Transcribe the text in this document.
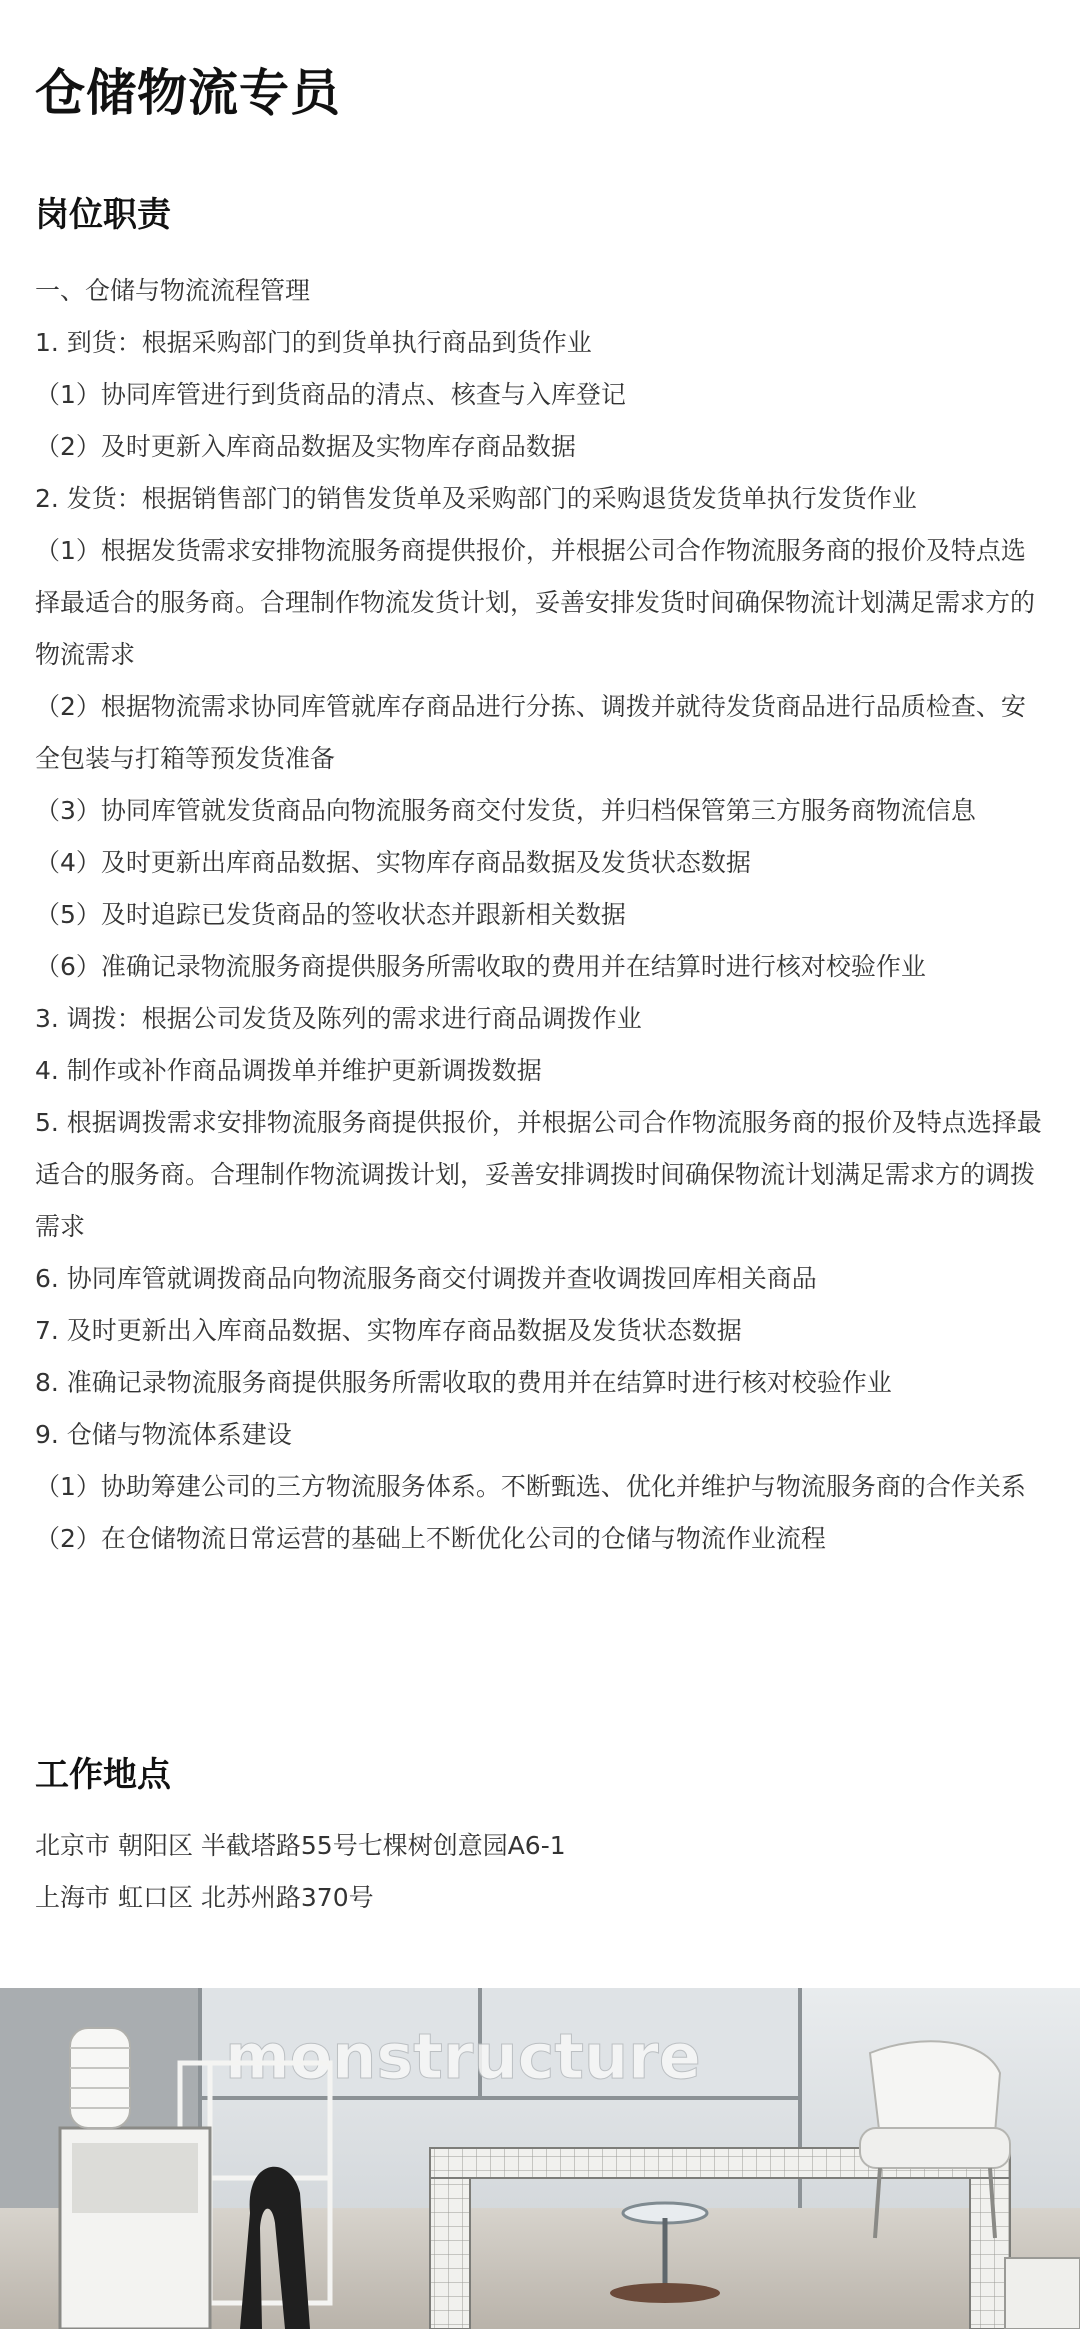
仓储物流专员
岗位职责
一、仓储与物流流程管理
1. 到货：根据采购部门的到货单执行商品到货作业
（1）协同库管进行到货商品的清点、核查与入库登记
（2）及时更新入库商品数据及实物库存商品数据
2. 发货：根据销售部门的销售发货单及采购部门的采购退货发货单执行发货作业
（1）根据发货需求安排物流服务商提供报价，并根据公司合作物流服务商的报价及特点选择最适合的服务商。合理制作物流发货计划，妥善安排发货时间确保物流计划满足需求方的物流需求
（2）根据物流需求协同库管就库存商品进行分拣、调拨并就待发货商品进行品质检查、安全包装与打箱等预发货准备
（3）协同库管就发货商品向物流服务商交付发货，并归档保管第三方服务商物流信息
（4）及时更新出库商品数据、实物库存商品数据及发货状态数据
（5）及时追踪已发货商品的签收状态并跟新相关数据
（6）准确记录物流服务商提供服务所需收取的费用并在结算时进行核对校验作业
3. 调拨：根据公司发货及陈列的需求进行商品调拨作业
4. 制作或补作商品调拨单并维护更新调拨数据
5. 根据调拨需求安排物流服务商提供报价，并根据公司合作物流服务商的报价及特点选择最适合的服务商。合理制作物流调拨计划，妥善安排调拨时间确保物流计划满足需求方的调拨需求
6. 协同库管就调拨商品向物流服务商交付调拨并查收调拨回库相关商品
7. 及时更新出入库商品数据、实物库存商品数据及发货状态数据
8. 准确记录物流服务商提供服务所需收取的费用并在结算时进行核对校验作业
9. 仓储与物流体系建设
（1）协助筹建公司的三方物流服务体系。不断甄选、优化并维护与物流服务商的合作关系
（2）在仓储物流日常运营的基础上不断优化公司的仓储与物流作业流程
工作地点
北京市 朝阳区 半截塔路55号七棵树创意园A6-1
上海市 虹口区 北苏州路370号
monstructure
